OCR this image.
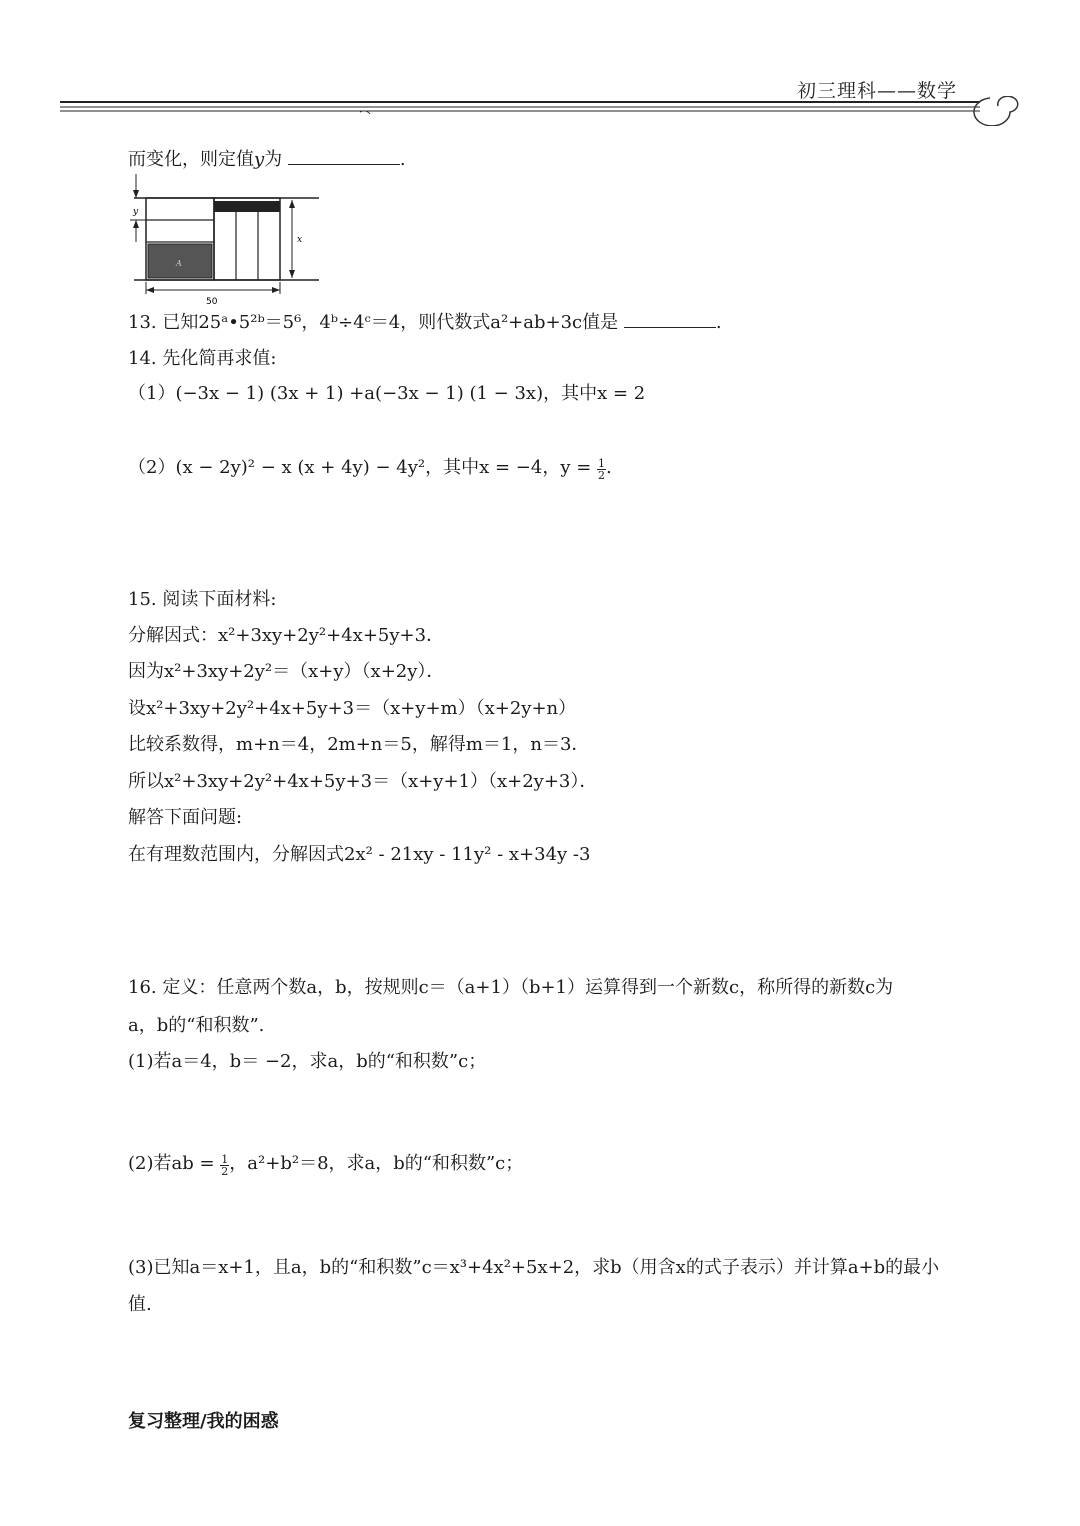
初三理科——数学
而变化，则定值y为	.
y
x
A
50
13. 已知25ᵃ•5²ᵇ＝5⁶，4ᵇ÷4ᶜ＝4，则代数式a²+ab+3c值是	.
14. 先化简再求值:
（1）(−3x − 1) (3x + 1) +a(−3x − 1) (1 − 3x)，其中x = 2
（2）(x − 2y)² − x (x + 4y) − 4y²，其中x = −4，$y = \frac{1}{2}$ .
15. 阅读下面材料:
分解因式：x²+3xy+2y²+4x+5y+3．
因为x²+3xy+2y²＝（x+y）（x+2y）．
设x²+3xy+2y²+4x+5y+3＝（x+y+m）（x+2y+n）
比较系数得，m+n＝4，2m+n＝5，解得m＝1，n＝3．
所以x²+3xy+2y²+4x+5y+3＝（x+y+1）（x+2y+3）．
解答下面问题:
在有理数范围内，分解因式2x² - 21xy - 11y² - x+34y -3
16. 定义：任意两个数a，b，按规则c＝（a+1）（b+1）运算得到一个新数c，称所得的新数c为
a，b的“和积数”.
(1)若a＝4，b＝ −2，求a，b的“和积数”c；
(2)若ab = $\frac{1}{2}$ ，a²+b²＝8，求a，b的“和积数”c；
(3)已知a＝x+1，且a，b的“和积数”c＝x³+4x²+5x+2，求b（用含x的式子表示）并计算a+b的最小
值.
复习整理/我的困惑
